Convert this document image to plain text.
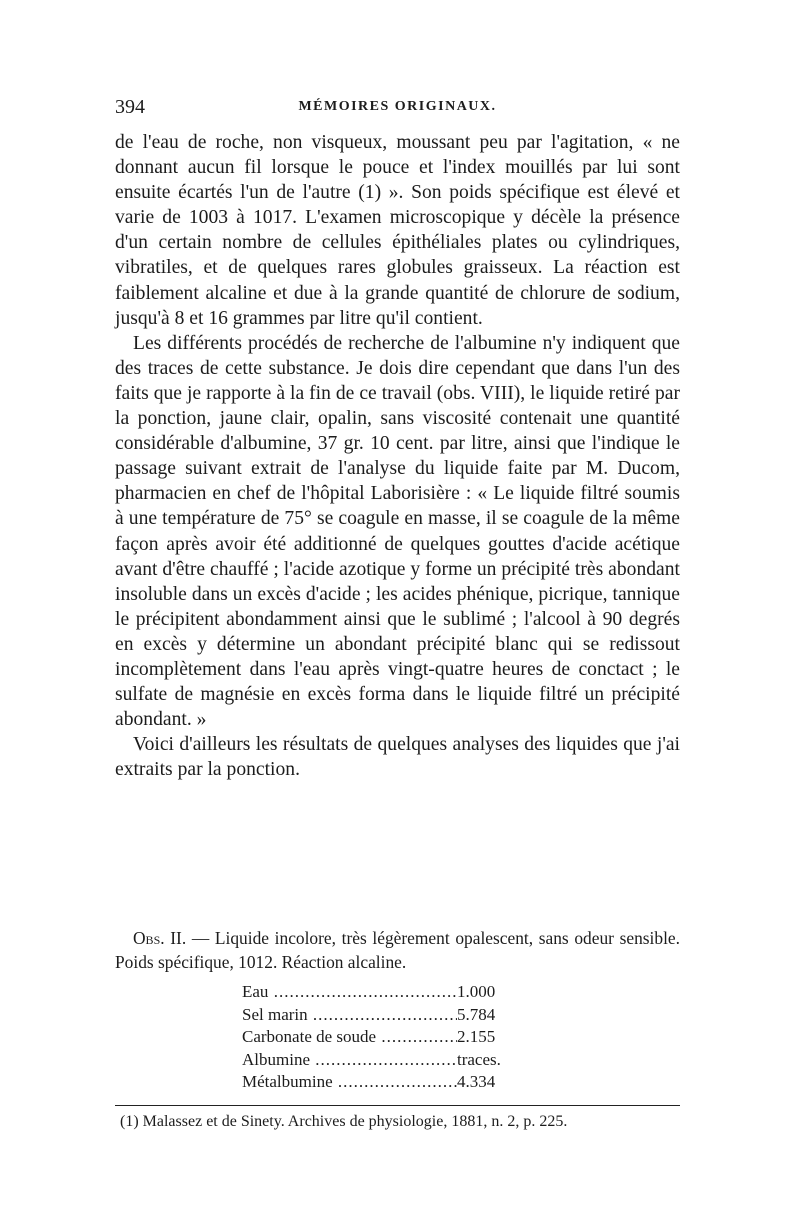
394	MÉMOIRES ORIGINAUX.

de l'eau de roche, non visqueux, moussant peu par l'agitation, « ne donnant aucun fil lorsque le pouce et l'index mouillés par lui sont ensuite écartés l'un de l'autre (1) ». Son poids spécifique est élevé et varie de 1003 à 1017. L'examen microscopique y décèle la présence d'un certain nombre de cellules épithéliales plates ou cylindriques, vibratiles, et de quelques rares globules graisseux. La réaction est faiblement alcaline et due à la grande quantité de chlorure de sodium, jusqu'à 8 et 16 grammes par litre qu'il contient.

Les différents procédés de recherche de l'albumine n'y indiquent que des traces de cette substance. Je dois dire cependant que dans l'un des faits que je rapporte à la fin de ce travail (obs. VIII), le liquide retiré par la ponction, jaune clair, opalin, sans viscosité contenait une quantité considérable d'albumine, 37 gr. 10 cent. par litre, ainsi que l'indique le passage suivant extrait de l'analyse du liquide faite par M. Ducom, pharmacien en chef de l'hôpital Laborisière : « Le liquide filtré soumis à une température de 75° se coagule en masse, il se coagule de la même façon après avoir été additionné de quelques gouttes d'acide acétique avant d'être chauffé ; l'acide azotique y forme un précipité très abondant insoluble dans un excès d'acide ; les acides phénique, picrique, tannique le précipitent abondamment ainsi que le sublimé ; l'alcool à 90 degrés en excès y détermine un abondant précipité blanc qui se redissout incomplètement dans l'eau après vingt-quatre heures de conctact ; le sulfate de magnésie en excès forma dans le liquide filtré un précipité abondant. »

Voici d'ailleurs les résultats de quelques analyses des liquides que j'ai extraits par la ponction.

Obs. II. — Liquide incolore, très légèrement opalescent, sans odeur sensible. Poids spécifique, 1012. Réaction alcaline.

Eau .....	1.000
Sel marin .....	5.784
Carbonate de soude .....	2.155
Albumine .....	traces.
Métalbumine .....	4.334
(1) Malassez et de Sinety. Archives de physiologie, 1881, n. 2, p. 225.
